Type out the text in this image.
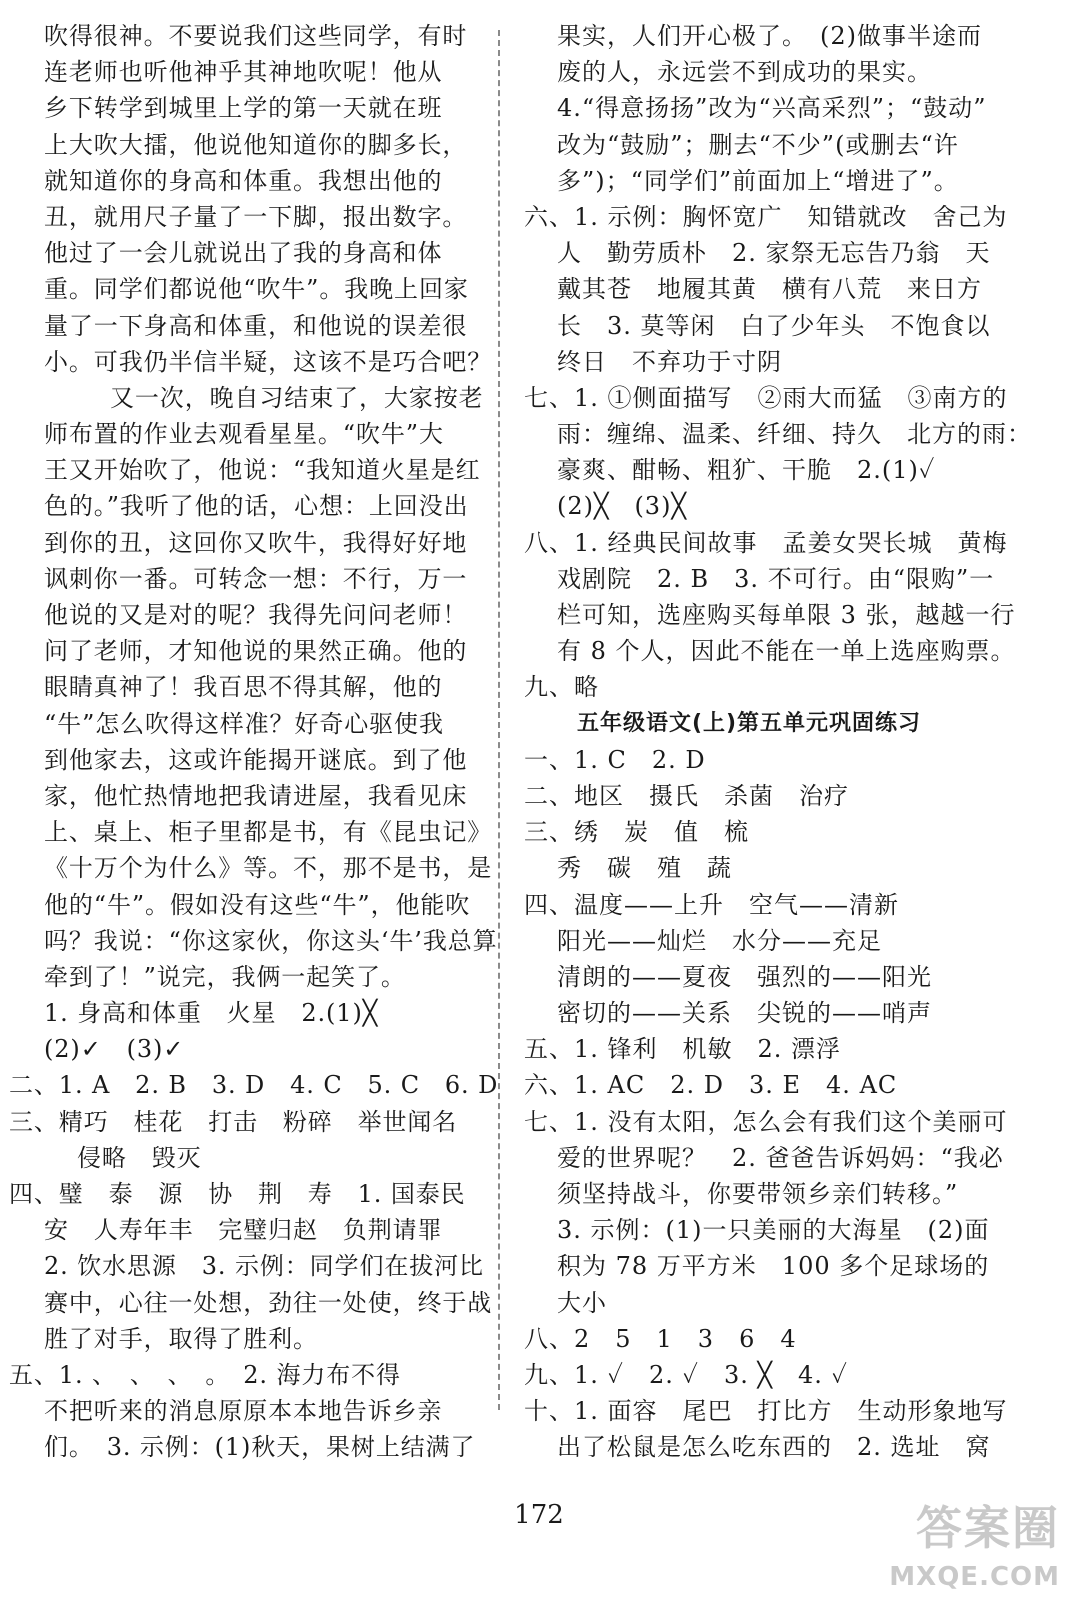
吹得很神。不要说我们这些同学，有时
连老师也听他神乎其神地吹呢！他从
乡下转学到城里上学的第一天就在班
上大吹大擂，他说他知道你的脚多长，
就知道你的身高和体重。我想出他的
丑，就用尺子量了一下脚，报出数字。
他过了一会儿就说出了我的身高和体
重。同学们都说他“吹牛”。我晚上回家
量了一下身高和体重，和他说的误差很
小。可我仍半信半疑，这该不是巧合吧？
又一次，晚自习结束了，大家按老
师布置的作业去观看星星。“吹牛”大
王又开始吹了，他说：“我知道火星是红
色的。”我听了他的话，心想：上回没出
到你的丑，这回你又吹牛，我得好好地
讽刺你一番。可转念一想：不行，万一
他说的又是对的呢？我得先问问老师！
问了老师，才知他说的果然正确。他的
眼睛真神了！我百思不得其解，他的
“牛”怎么吹得这样准？好奇心驱使我
到他家去，这或许能揭开谜底。到了他
家，他忙热情地把我请进屋，我看见床
上、桌上、柜子里都是书，有《昆虫记》
《十万个为什么》等。不，那不是书，是
他的“牛”。假如没有这些“牛”，他能吹
吗？我说：“你这家伙，你这头‘牛’我总算
牵到了！”说完，我俩一起笑了。
1. 身高和体重　火星　2.(1)╳
(2)✓　(3)✓
二、1. A　2. B　3. D　4. C　5. C　6. D
三、精巧　桂花　打击　粉碎　举世闻名
侵略　毁灭
四、璧　泰　源　协　荆　寿　1. 国泰民
安　人寿年丰　完璧归赵　负荆请罪
2. 饮水思源　3. 示例：同学们在拔河比
赛中，心往一处想，劲往一处使，终于战
胜了对手，取得了胜利。
五、1. 、　、　、　。　2. 海力布不得
不把听来的消息原原本本地告诉乡亲
们。　3. 示例：(1)秋天，果树上结满了
果实，人们开心极了。　(2)做事半途而
废的人，永远尝不到成功的果实。
4.“得意扬扬”改为“兴高采烈”；“鼓动”
改为“鼓励”；删去“不少”(或删去“许
多”)；“同学们”前面加上“增进了”。
六、1. 示例：胸怀宽广　知错就改　舍己为
人　勤劳质朴　2. 家祭无忘告乃翁　天
戴其苍　地履其黄　横有八荒　来日方
长　3. 莫等闲　白了少年头　不饱食以
终日　不弃功于寸阴
七、1. ①侧面描写　②雨大而猛　③南方的
雨：缠绵、温柔、纤细、持久　北方的雨：
豪爽、酣畅、粗犷、干脆　2.(1)✓
(2)╳　(3)╳
八、1. 经典民间故事　孟姜女哭长城　黄梅
戏剧院　2. B　3. 不可行。由“限购”一
栏可知，选座购买每单限 3 张，越越一行
有 8 个人，因此不能在一单上选座购票。
九、略
五年级语文(上)第五单元巩固练习
一、1. C　2. D
二、地区　摄氏　杀菌　治疗
三、绣　炭　值　梳
秀　碳　殖　蔬
四、温度——上升　空气——清新
阳光——灿烂　水分——充足
清朗的——夏夜　强烈的——阳光
密切的——关系　尖锐的——哨声
五、1. 锋利　机敏　2. 漂浮
六、1. AC　2. D　3. E　4. AC
七、1. 没有太阳，怎么会有我们这个美丽可
爱的世界呢？　2. 爸爸告诉妈妈：“我必
须坚持战斗，你要带领乡亲们转移。”
3. 示例：(1)一只美丽的大海星　(2)面
积为 78 万平方米　100 多个足球场的
大小
八、2　5　1　3　6　4
九、1. ✓　2. ✓　3. ╳　4. ✓
十、1. 面容　尾巴　打比方　生动形象地写
出了松鼠是怎么吃东西的　2. 选址　窝
172	答案圈
MXQE.COM
